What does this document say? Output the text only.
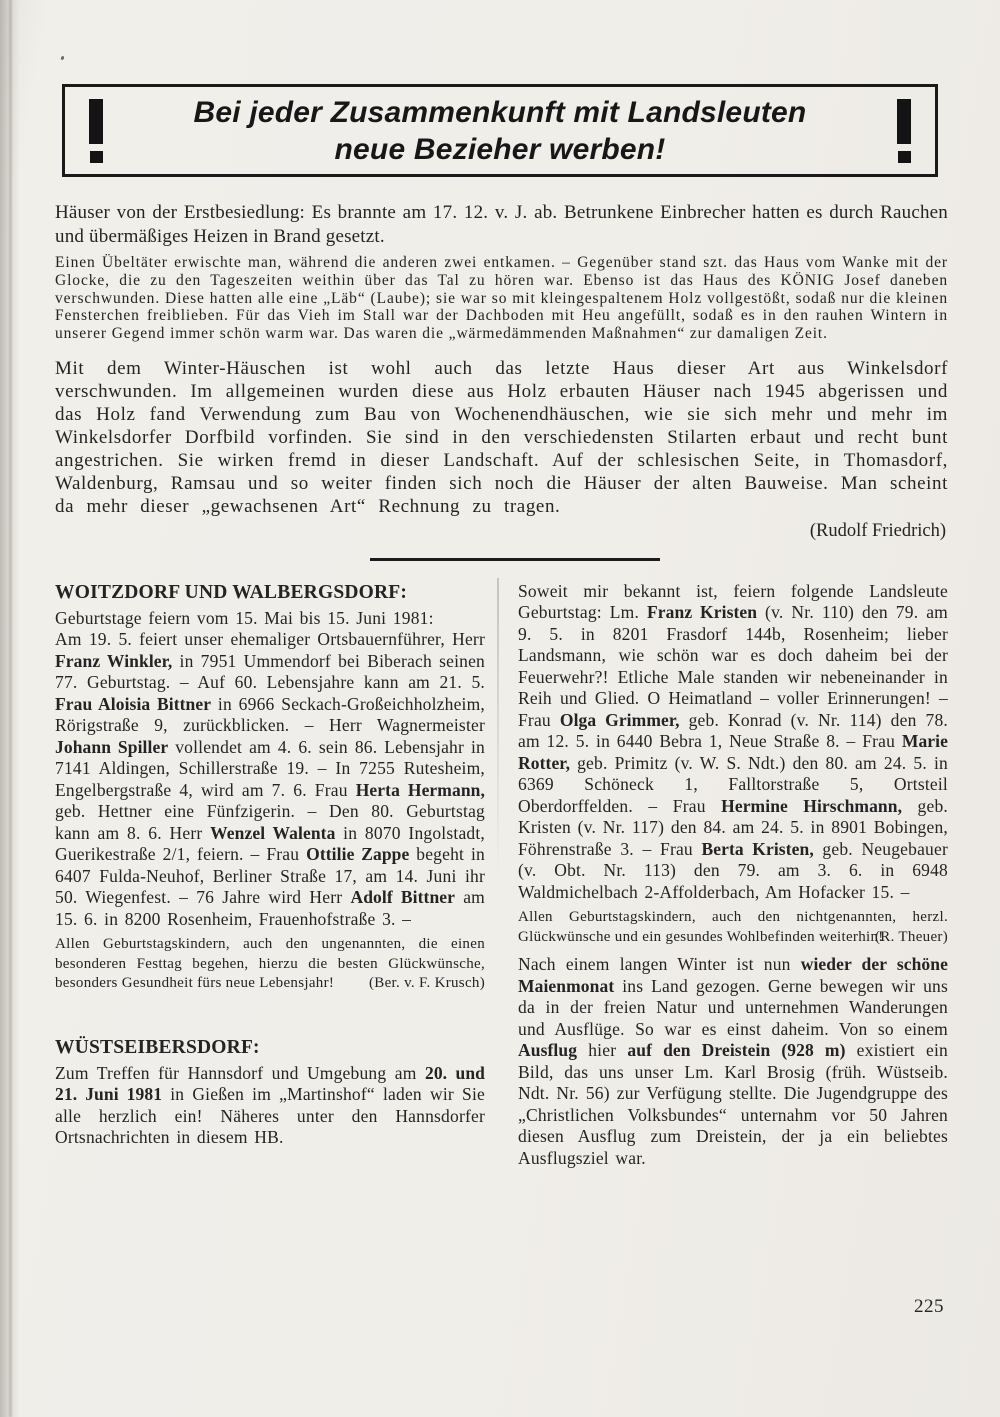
Bei jeder Zusammenkunft mit Landsleuten
neue Bezieher werben!

Häuser von der Erstbesiedlung: Es brannte am 17. 12. v. J. ab. Betrunkene Einbrecher hatten es durch Rauchen und übermäßiges Heizen in Brand gesetzt.

Einen Übeltäter erwischte man, während die anderen zwei entkamen. – Gegenüber stand szt. das Haus vom Wanke mit der Glocke, die zu den Tageszeiten weithin über das Tal zu hören war. Ebenso ist das Haus des KÖNIG Josef daneben verschwunden. Diese hatten alle eine „Läb“ (Laube); sie war so mit kleingespaltenem Holz vollgestößt, sodaß nur die kleinen Fensterchen freiblieben. Für das Vieh im Stall war der Dachboden mit Heu angefüllt, sodaß es in den rauhen Wintern in unserer Gegend immer schön warm war. Das waren die „wärmedämmenden Maßnahmen“ zur damaligen Zeit.

Mit dem Winter-Häuschen ist wohl auch das letzte Haus dieser Art aus Winkelsdorf verschwunden. Im allgemeinen wurden diese aus Holz erbauten Häuser nach 1945 abgerissen und das Holz fand Verwendung zum Bau von Wochenendhäuschen, wie sie sich mehr und mehr im Winkelsdorfer Dorfbild vorfinden. Sie sind in den verschiedensten Stilarten erbaut und recht bunt angestrichen. Sie wirken fremd in dieser Landschaft. Auf der schlesischen Seite, in Thomasdorf, Waldenburg, Ramsau und so weiter finden sich noch die Häuser der alten Bauweise. Man scheint da mehr dieser „gewachsenen Art“ Rechnung zu tragen.

(Rudolf Friedrich)

WOITZDORF UND WALBERGSDORF:

Geburtstage feiern vom 15. Mai bis 15. Juni 1981:

Am 19. 5. feiert unser ehemaliger Ortsbauernführer, Herr Franz Winkler, in 7951 Ummendorf bei Biberach seinen 77. Geburtstag. – Auf 60. Lebensjahre kann am 21. 5. Frau Aloisia Bittner in 6966 Seckach-Großeichholzheim, Rörigstraße 9, zurückblicken. – Herr Wagnermeister Johann Spiller vollendet am 4. 6. sein 86. Lebensjahr in 7141 Aldingen, Schillerstraße 19. – In 7255 Rutesheim, Engelbergstraße 4, wird am 7. 6. Frau Herta Hermann, geb. Hettner eine Fünfzigerin. – Den 80. Geburtstag kann am 8. 6. Herr Wenzel Walenta in 8070 Ingolstadt, Guerikestraße 2/1, feiern. – Frau Ottilie Zappe begeht in 6407 Fulda-Neuhof, Berliner Straße 17, am 14. Juni ihr 50. Wiegenfest. – 76 Jahre wird Herr Adolf Bittner am 15. 6. in 8200 Rosenheim, Frauenhofstraße 3. –

Allen Geburtstagskindern, auch den ungenannten, die einen besonderen Festtag begehen, hierzu die besten Glückwünsche, besonders Gesundheit fürs neue Lebensjahr! (Ber. v. F. Krusch)

WÜSTSEIBERSDORF:

Zum Treffen für Hannsdorf und Umgebung am 20. und 21. Juni 1981 in Gießen im „Martinshof“ laden wir Sie alle herzlich ein! Näheres unter den Hannsdorfer Ortsnachrichten in diesem HB.

Soweit mir bekannt ist, feiern folgende Landsleute Geburtstag: Lm. Franz Kristen (v. Nr. 110) den 79. am 9. 5. in 8201 Frasdorf 144b, Rosenheim; lieber Landsmann, wie schön war es doch daheim bei der Feuerwehr?! Etliche Male standen wir nebeneinander in Reih und Glied. O Heimatland – voller Erinnerungen! – Frau Olga Grimmer, geb. Konrad (v. Nr. 114) den 78. am 12. 5. in 6440 Bebra 1, Neue Straße 8. – Frau Marie Rotter, geb. Primitz (v. W. S. Ndt.) den 80. am 24. 5. in 6369 Schöneck 1, Falltorstraße 5, Ortsteil Oberdorffelden. – Frau Hermine Hirschmann, geb. Kristen (v. Nr. 117) den 84. am 24. 5. in 8901 Bobingen, Föhrenstraße 3. – Frau Berta Kristen, geb. Neugebauer (v. Obt. Nr. 113) den 79. am 3. 6. in 6948 Waldmichelbach 2-Affolderbach, Am Hofacker 15. –

Allen Geburtstagskindern, auch den nichtgenannten, herzl. Glückwünsche und ein gesundes Wohlbefinden weiterhin!
(R. Theuer)

Nach einem langen Winter ist nun wieder der schöne Maienmonat ins Land gezogen. Gerne bewegen wir uns da in der freien Natur und unternehmen Wanderungen und Ausflüge. So war es einst daheim. Von so einem Ausflug hier auf den Dreistein (928 m) existiert ein Bild, das uns unser Lm. Karl Brosig (früh. Wüstseib. Ndt. Nr. 56) zur Verfügung stellte. Die Jugendgruppe des „Christlichen Volksbundes“ unternahm vor 50 Jahren diesen Ausflug zum Dreistein, der ja ein beliebtes Ausflugsziel war.

225
